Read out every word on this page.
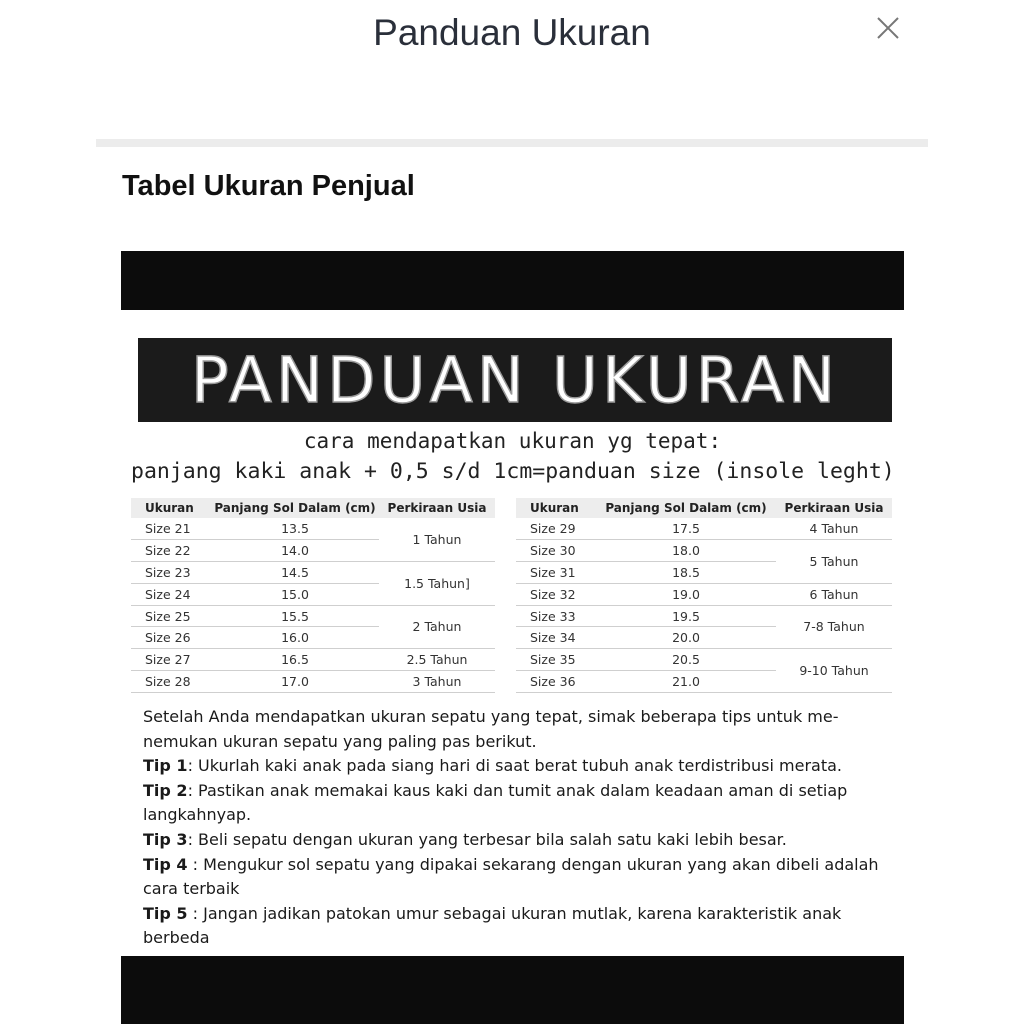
Panduan Ukuran
Tabel Ukuran Penjual
PANDUAN UKURAN
cara mendapatkan ukuran yg tepat:
panjang kaki anak + 0,5 s/d 1cm=panduan size (insole leght)
Ukuran	Panjang Sol Dalam (cm)	Perkiraan Usia
Size 21	13.5	1 Tahun
Size 22	14.0	
Size 23	14.5	1.5 Tahun]
Size 24	15.0	
Size 25	15.5	2 Tahun
Size 26	16.0	
Size 27	16.5	2.5 Tahun
Size 28	17.0	3 Tahun
Ukuran	Panjang Sol Dalam (cm)	Perkiraan Usia
Size 29	17.5	4 Tahun
Size 30	18.0	5 Tahun
Size 31	18.5	
Size 32	19.0	6 Tahun
Size 33	19.5	7-8 Tahun
Size 34	20.0	
Size 35	20.5	9-10 Tahun
Size 36	21.0	

Setelah Anda mendapatkan ukuran sepatu yang tepat, simak beberapa tips untuk me-nemukan ukuran sepatu yang paling pas berikut.

Tip 1: Ukurlah kaki anak pada siang hari di saat berat tubuh anak terdistribusi merata.

Tip 2: Pastikan anak memakai kaus kaki dan tumit anak dalam keadaan aman di setiap langkahnyap.

Tip 3: Beli sepatu dengan ukuran yang terbesar bila salah satu kaki lebih besar.

Tip 4 : Mengukur sol sepatu yang dipakai sekarang dengan ukuran yang akan dibeli adalah cara terbaik

Tip 5 : Jangan jadikan patokan umur sebagai ukuran mutlak, karena karakteristik anak berbeda
